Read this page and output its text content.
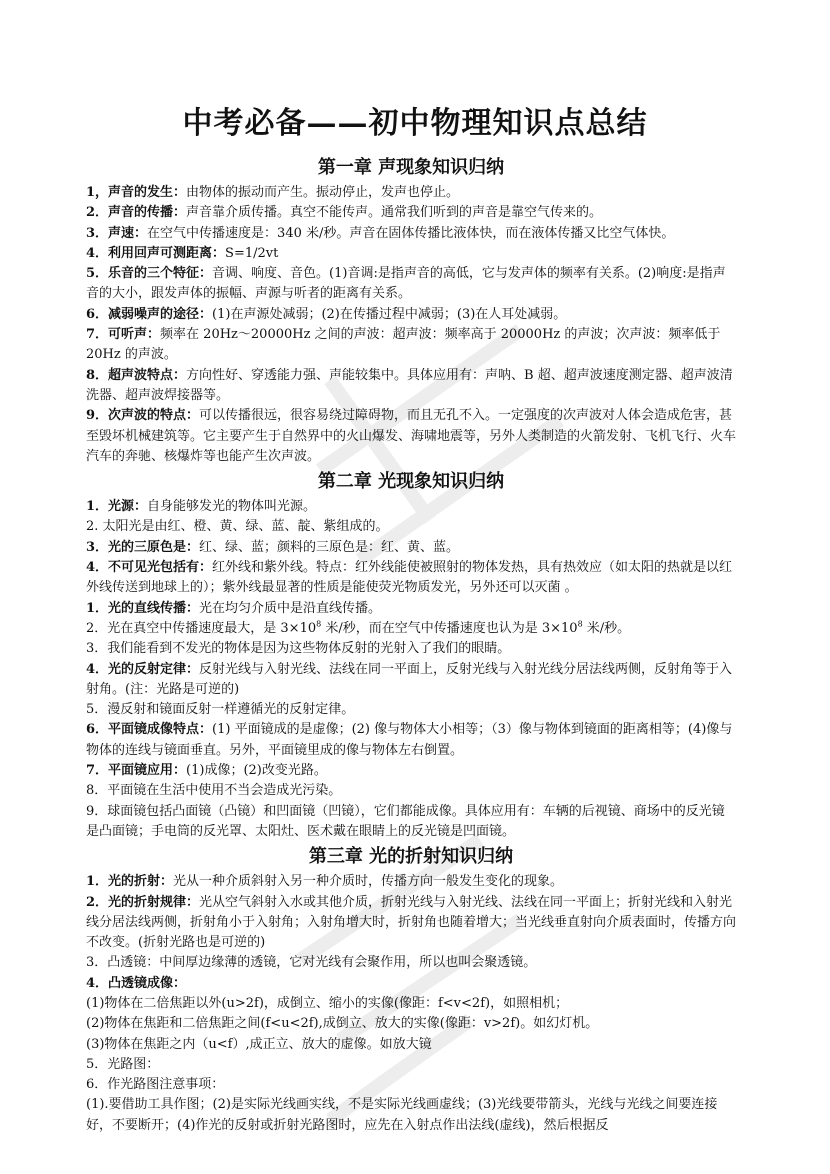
中考必备——初中物理知识点总结
第一章 声现象知识归纳

1，声音的发生：由物体的振动而产生。振动停止，发声也停止。

2．声音的传播：声音靠介质传播。真空不能传声。通常我们听到的声音是靠空气传来的。

3．声速：在空气中传播速度是：340 米/秒。声音在固体传播比液体快，而在液体传播又比空气体快。

4．利用回声可测距离：S=1/2vt

5．乐音的三个特征：音调、响度、音色。(1)音调:是指声音的高低，它与发声体的频率有关系。(2)响度:是指声音的大小，跟发声体的振幅、声源与听者的距离有关系。

6．减弱噪声的途径：(1)在声源处减弱；(2)在传播过程中减弱；(3)在人耳处减弱。

7．可听声：频率在 20Hz～20000Hz 之间的声波：超声波：频率高于 20000Hz 的声波；次声波：频率低于 20Hz 的声波。

8．超声波特点：方向性好、穿透能力强、声能较集中。具体应用有：声呐、B 超、超声波速度测定器、超声波清洗器、超声波焊接器等。

9．次声波的特点：可以传播很远，很容易绕过障碍物，而且无孔不入。一定强度的次声波对人体会造成危害，甚至毁坏机械建筑等。它主要产生于自然界中的火山爆发、海啸地震等，另外人类制造的火箭发射、飞机飞行、火车汽车的奔驰、核爆炸等也能产生次声波。

第二章 光现象知识归纳

1．光源：自身能够发光的物体叫光源。

2. 太阳光是由红、橙、黄、绿、蓝、靛、紫组成的。

3．光的三原色是：红、绿、蓝；颜料的三原色是：红、黄、蓝。

4．不可见光包括有：红外线和紫外线。特点：红外线能使被照射的物体发热，具有热效应（如太阳的热就是以红外线传送到地球上的）；紫外线最显著的性质是能使荧光物质发光，另外还可以灭菌 。

1．光的直线传播：光在均匀介质中是沿直线传播。

2．光在真空中传播速度最大，是 $3\times 10^8$ 米/秒，而在空气中传播速度也认为是 $3\times 10^8$ 米/秒。

3．我们能看到不发光的物体是因为这些物体反射的光射入了我们的眼睛。

4．光的反射定律：反射光线与入射光线、法线在同一平面上，反射光线与入射光线分居法线两侧，反射角等于入射角。(注：光路是可逆的)

5．漫反射和镜面反射一样遵循光的反射定律。

6．平面镜成像特点：(1) 平面镜成的是虚像；(2) 像与物体大小相等；（3）像与物体到镜面的距离相等；(4)像与物体的连线与镜面垂直。另外，平面镜里成的像与物体左右倒置。

7．平面镜应用：(1)成像；(2)改变光路。

8．平面镜在生活中使用不当会造成光污染。

9．球面镜包括凸面镜（凸镜）和凹面镜（凹镜），它们都能成像。具体应用有：车辆的后视镜、商场中的反光镜是凸面镜；手电筒的反光罩、太阳灶、医术戴在眼睛上的反光镜是凹面镜。

第三章 光的折射知识归纳

1．光的折射：光从一种介质斜射入另一种介质时，传播方向一般发生变化的现象。

2．光的折射规律：光从空气斜射入水或其他介质，折射光线与入射光线、法线在同一平面上；折射光线和入射光线分居法线两侧，折射角小于入射角；入射角增大时，折射角也随着增大；当光线垂直射向介质表面时，传播方向不改变。(折射光路也是可逆的)

3．凸透镜：中间厚边缘薄的透镜，它对光线有会聚作用，所以也叫会聚透镜。

4．凸透镜成像：

(1)物体在二倍焦距以外(u>2f)，成倒立、缩小的实像(像距：f<v<2f)，如照相机；

(2)物体在焦距和二倍焦距之间(f<u<2f),成倒立、放大的实像(像距：v>2f)。如幻灯机。

(3)物体在焦距之内（u<f）,成正立、放大的虚像。如放大镜

5．光路图：

6．作光路图注意事项：

(1).要借助工具作图；(2)是实际光线画实线，不是实际光线画虚线；(3)光线要带箭头，光线与光线之间要连接好，不要断开；(4)作光的反射或折射光路图时，应先在入射点作出法线(虚线)，然后根据反
